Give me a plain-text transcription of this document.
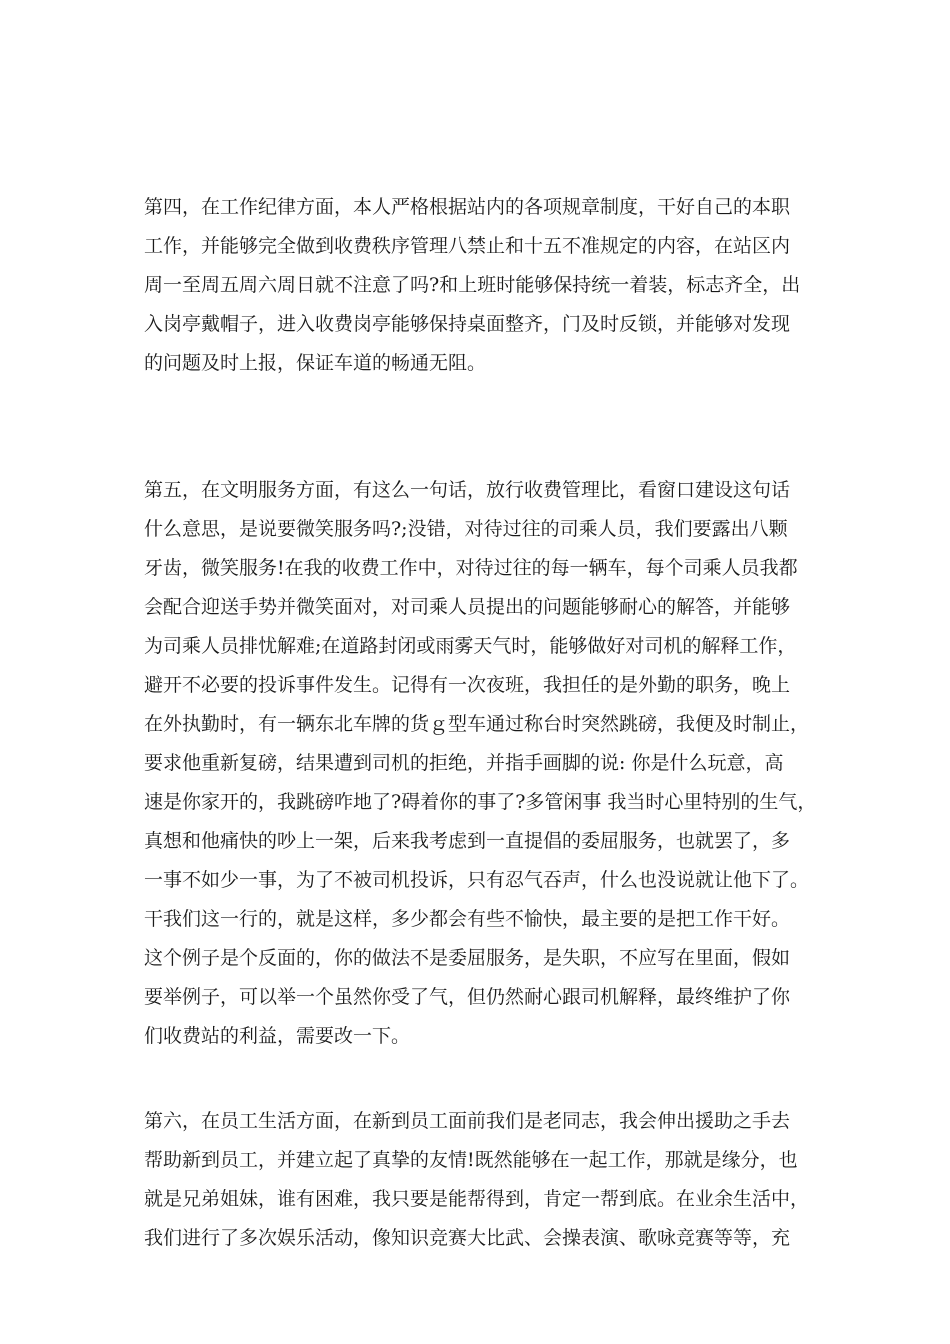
第四，在工作纪律方面，本人严格根据站内的各项规章制度，干好自己的本职
工作，并能够完全做到收费秩序管理八禁止和十五不准规定的内容，在站区内
周一至周五周六周日就不注意了吗?和上班时能够保持统一着装，标志齐全，出
入岗亭戴帽子，进入收费岗亭能够保持桌面整齐，门及时反锁，并能够对发现
的问题及时上报，保证车道的畅通无阻。
第五，在文明服务方面，有这么一句话，放行收费管理比，看窗口建设这句话
什么意思，是说要微笑服务吗?;没错，对待过往的司乘人员，我们要露出八颗
牙齿，微笑服务!在我的收费工作中，对待过往的每一辆车，每个司乘人员我都
会配合迎送手势并微笑面对，对司乘人员提出的问题能够耐心的解答，并能够
为司乘人员排忧解难;在道路封闭或雨雾天气时，能够做好对司机的解释工作，
避开不必要的投诉事件发生。记得有一次夜班，我担任的是外勤的职务，晚上
在外执勤时，有一辆东北车牌的货ｇ型车通过称台时突然跳磅，我便及时制止，
要求他重新复磅，结果遭到司机的拒绝，并指手画脚的说: 你是什么玩意，高
速是你家开的，我跳磅咋地了?碍着你的事了?多管闲事 我当时心里特别的生气，
真想和他痛快的吵上一架，后来我考虑到一直提倡的委屈服务，也就罢了，多
一事不如少一事，为了不被司机投诉，只有忍气吞声，什么也没说就让他下了。
干我们这一行的，就是这样，多少都会有些不愉快，最主要的是把工作干好。
这个例子是个反面的，你的做法不是委屈服务，是失职，不应写在里面，假如
要举例子，可以举一个虽然你受了气，但仍然耐心跟司机解释，最终维护了你
们收费站的利益，需要改一下。
第六，在员工生活方面，在新到员工面前我们是老同志，我会伸出援助之手去
帮助新到员工，并建立起了真挚的友情!既然能够在一起工作，那就是缘分，也
就是兄弟姐妹，谁有困难，我只要是能帮得到，肯定一帮到底。在业余生活中，
我们进行了多次娱乐活动，像知识竞赛大比武、会操表演、歌咏竞赛等等，充
